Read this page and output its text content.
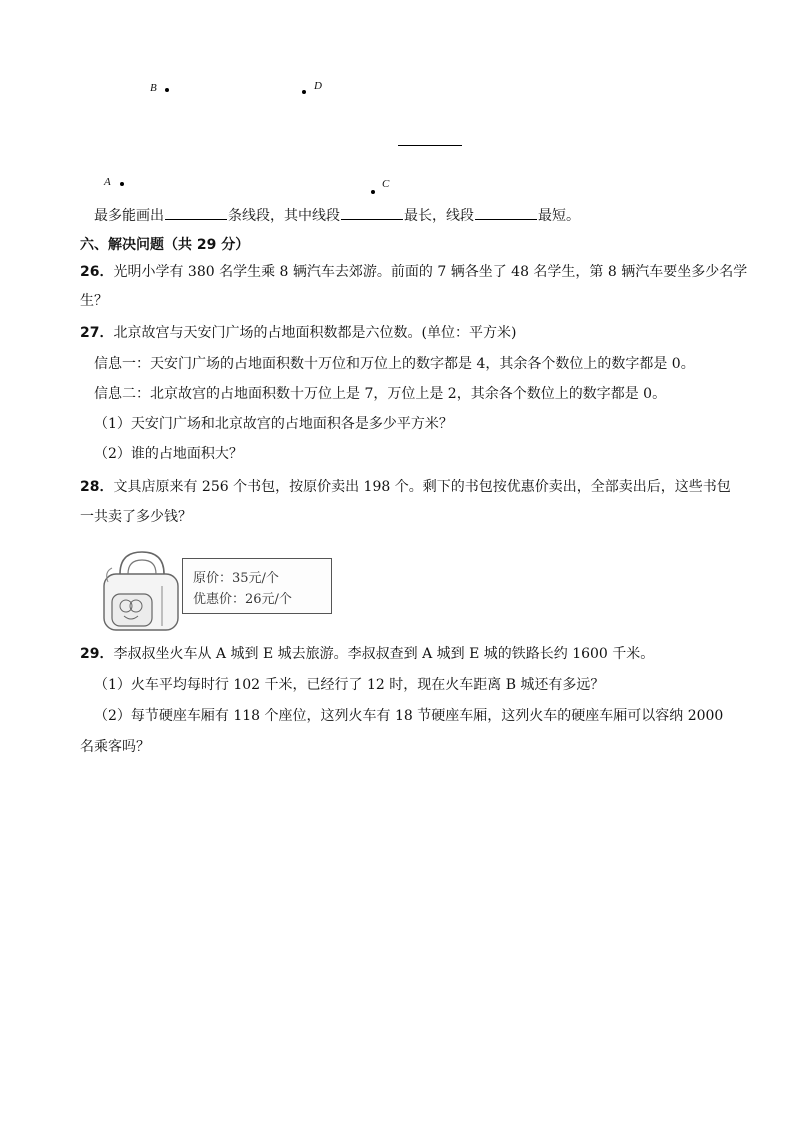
B	D
A	C
最多能画出	条线段，其中线段	最长，线段	最短。
六、解决问题（共 29 分）
26．光明小学有 380 名学生乘 8 辆汽车去郊游。前面的 7 辆各坐了 48 名学生，第 8 辆汽车要坐多少名学
生？
27．北京故宫与天安门广场的占地面积数都是六位数。(单位：平方米)
信息一：天安门广场的占地面积数十万位和万位上的数字都是 4，其余各个数位上的数字都是 0。
信息二：北京故宫的占地面积数十万位上是 7，万位上是 2，其余各个数位上的数字都是 0。
（1）天安门广场和北京故宫的占地面积各是多少平方米？
（2）谁的占地面积大？
28．文具店原来有 256 个书包，按原价卖出 198 个。剩下的书包按优惠价卖出，全部卖出后，这些书包
一共卖了多少钱？
原价：35元/个
优惠价：26元/个
29．李叔叔坐火车从 A 城到 E 城去旅游。李叔叔查到 A 城到 E 城的铁路长约 1600 千米。
（1）火车平均每时行 102 千米，已经行了 12 时，现在火车距离 B 城还有多远？
（2）每节硬座车厢有 118 个座位，这列火车有 18 节硬座车厢，这列火车的硬座车厢可以容纳 2000
名乘客吗？
